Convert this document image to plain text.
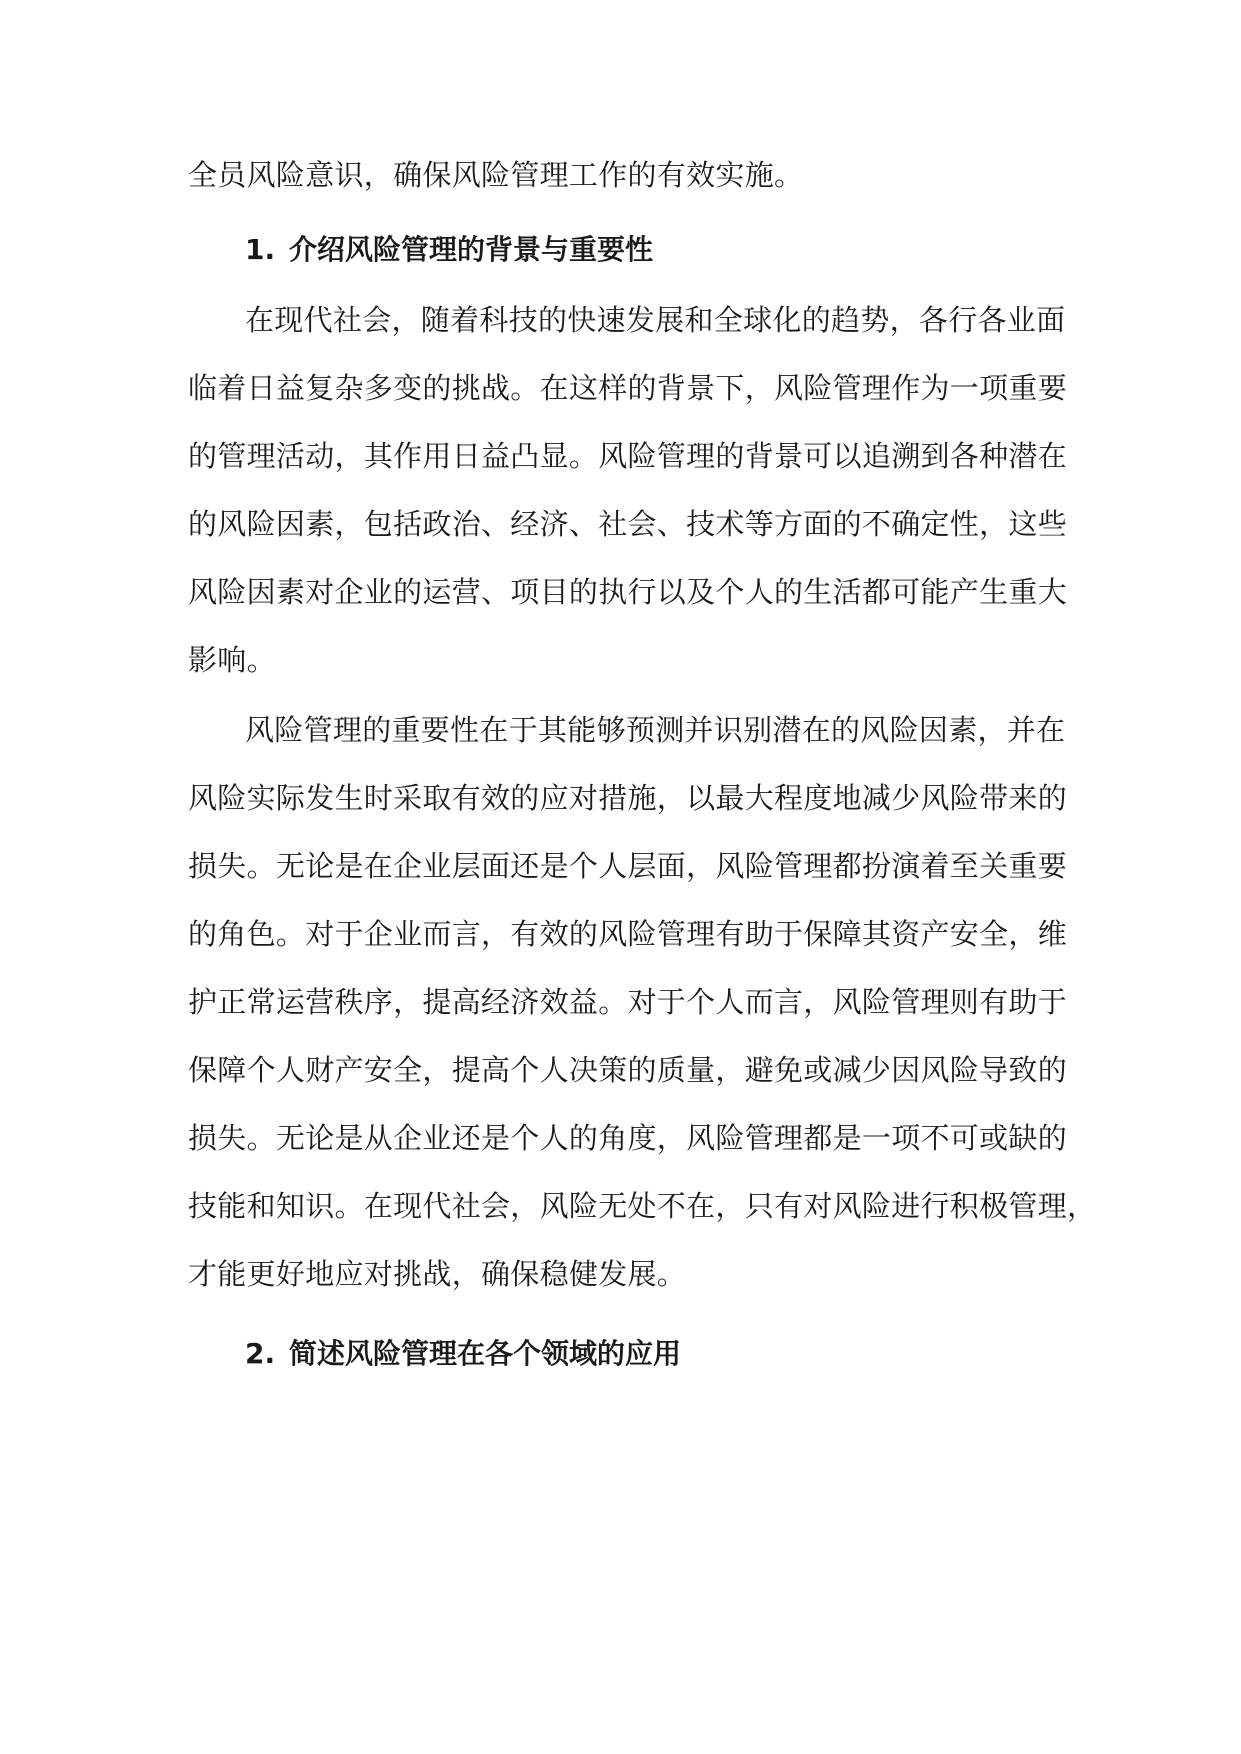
全员风险意识，确保风险管理工作的有效实施。
1. 介绍风险管理的背景与重要性
在现代社会，随着科技的快速发展和全球化的趋势，各行各业面
临着日益复杂多变的挑战。在这样的背景下，风险管理作为一项重要
的管理活动，其作用日益凸显。风险管理的背景可以追溯到各种潜在
的风险因素，包括政治、经济、社会、技术等方面的不确定性，这些
风险因素对企业的运营、项目的执行以及个人的生活都可能产生重大
影响。
风险管理的重要性在于其能够预测并识别潜在的风险因素，并在
风险实际发生时采取有效的应对措施，以最大程度地减少风险带来的
损失。无论是在企业层面还是个人层面，风险管理都扮演着至关重要
的角色。对于企业而言，有效的风险管理有助于保障其资产安全，维
护正常运营秩序，提高经济效益。对于个人而言，风险管理则有助于
保障个人财产安全，提高个人决策的质量，避免或减少因风险导致的
损失。无论是从企业还是个人的角度，风险管理都是一项不可或缺的
技能和知识。在现代社会，风险无处不在，只有对风险进行积极管理，
才能更好地应对挑战，确保稳健发展。
2. 简述风险管理在各个领域的应用
